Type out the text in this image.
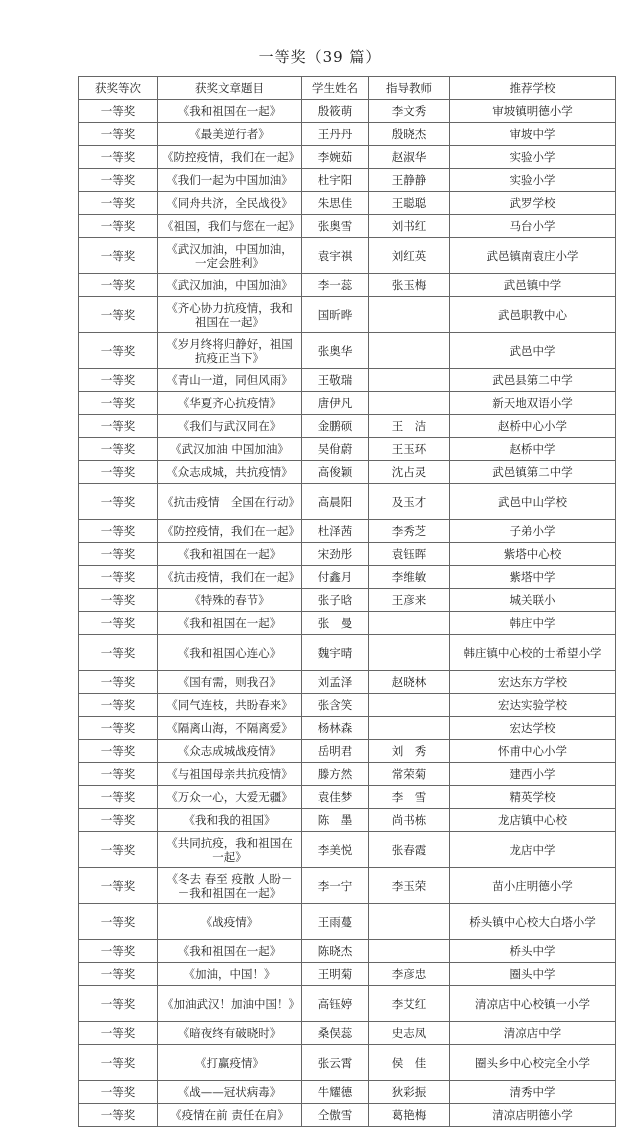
一等奖（39 篇）
获奖等次	获奖文章题目	学生姓名	指导教师	推荐学校
一等奖	《我和祖国在一起》	殷筱萌	李文秀	审坡镇明德小学
一等奖	《最美逆行者》	王丹丹	殷晓杰	审坡中学
一等奖	《防控疫情，我们在一起》	李婉茹	赵淑华	实验小学
一等奖	《我们一起为中国加油》	杜宇阳	王静静	实验小学
一等奖	《同舟共济，全民战役》	朱思佳	王聪聪	武罗学校
一等奖	《祖国，我们与您在一起》	张奥雪	刘书红	马台小学
一等奖	《武汉加油，中国加油，一定会胜利》	袁宇祺	刘红英	武邑镇南袁庄小学
一等奖	《武汉加油，中国加油》	李一蕊	张玉梅	武邑镇中学
一等奖	《齐心协力抗疫情，我和祖国在一起》	国昕晔		武邑职教中心
一等奖	《岁月终将归静好，祖国抗疫正当下》	张奥华		武邑中学
一等奖	《青山一道，同但风雨》	王敬瑞		武邑县第二中学
一等奖	《华夏齐心抗疫情》	唐伊凡		新天地双语小学
一等奖	《我们与武汉同在》	金鹏硕	王　洁	赵桥中心小学
一等奖	《武汉加油 中国加油》	吴佾蔚	王玉环	赵桥中学
一等奖	《众志成城，共抗疫情》	高俊颖	沈占灵	武邑镇第二中学
一等奖	《抗击疫情　全国在行动》	高晨阳	及玉才	武邑中山学校
一等奖	《防控疫情，我们在一起》	杜泽茜	李秀芝	子弟小学
一等奖	《我和祖国在一起》	宋劲彤	袁钰晖	紫塔中心校
一等奖	《抗击疫情，我们在一起》	付鑫月	李维敏	紫塔中学
一等奖	《特殊的春节》	张子晗	王彦来	城关联小
一等奖	《我和祖国在一起》	张　曼		韩庄中学
一等奖	《我和祖国心连心》	魏宇晴		韩庄镇中心校的士希望小学
一等奖	《国有需，则我召》	刘孟泽	赵晓林	宏达东方学校
一等奖	《同气连枝，共盼春来》	张含笑		宏达实验学校
一等奖	《隔离山海，不隔离爱》	杨林森		宏达学校
一等奖	《众志成城战疫情》	岳明君	刘　秀	怀甫中心小学
一等奖	《与祖国母亲共抗疫情》	滕方然	常荣菊	建西小学
一等奖	《万众一心，大爱无疆》	袁佳梦	李　雪	精英学校
一等奖	《我和我的祖国》	陈　墨	尚书栋	龙店镇中心校
一等奖	《共同抗疫，我和祖国在一起》	李美悦	张春霞	龙店中学
一等奖	《冬去 春至 疫散 人盼－－我和祖国在一起》	李一宁	李玉荣	苗小庄明德小学
一等奖	《战疫情》	王雨蔓		桥头镇中心校大白塔小学
一等奖	《我和祖国在一起》	陈晓杰		桥头中学
一等奖	《加油，中国！》	王明菊	李彦忠	圈头中学
一等奖	《加油武汉！加油中国！》	高钰婷	李艾红	清凉店中心校镇一小学
一等奖	《暗夜终有破晓时》	桑俣蕊	史志凤	清凉店中学
一等奖	《打赢疫情》	张云霄	侯　佳	圈头乡中心校完全小学
一等奖	《战——冠状病毒》	牛耀德	狄彩振	清秀中学
一等奖	《疫情在前 责任在肩》	仝傲雪	葛艳梅	清凉店明德小学
